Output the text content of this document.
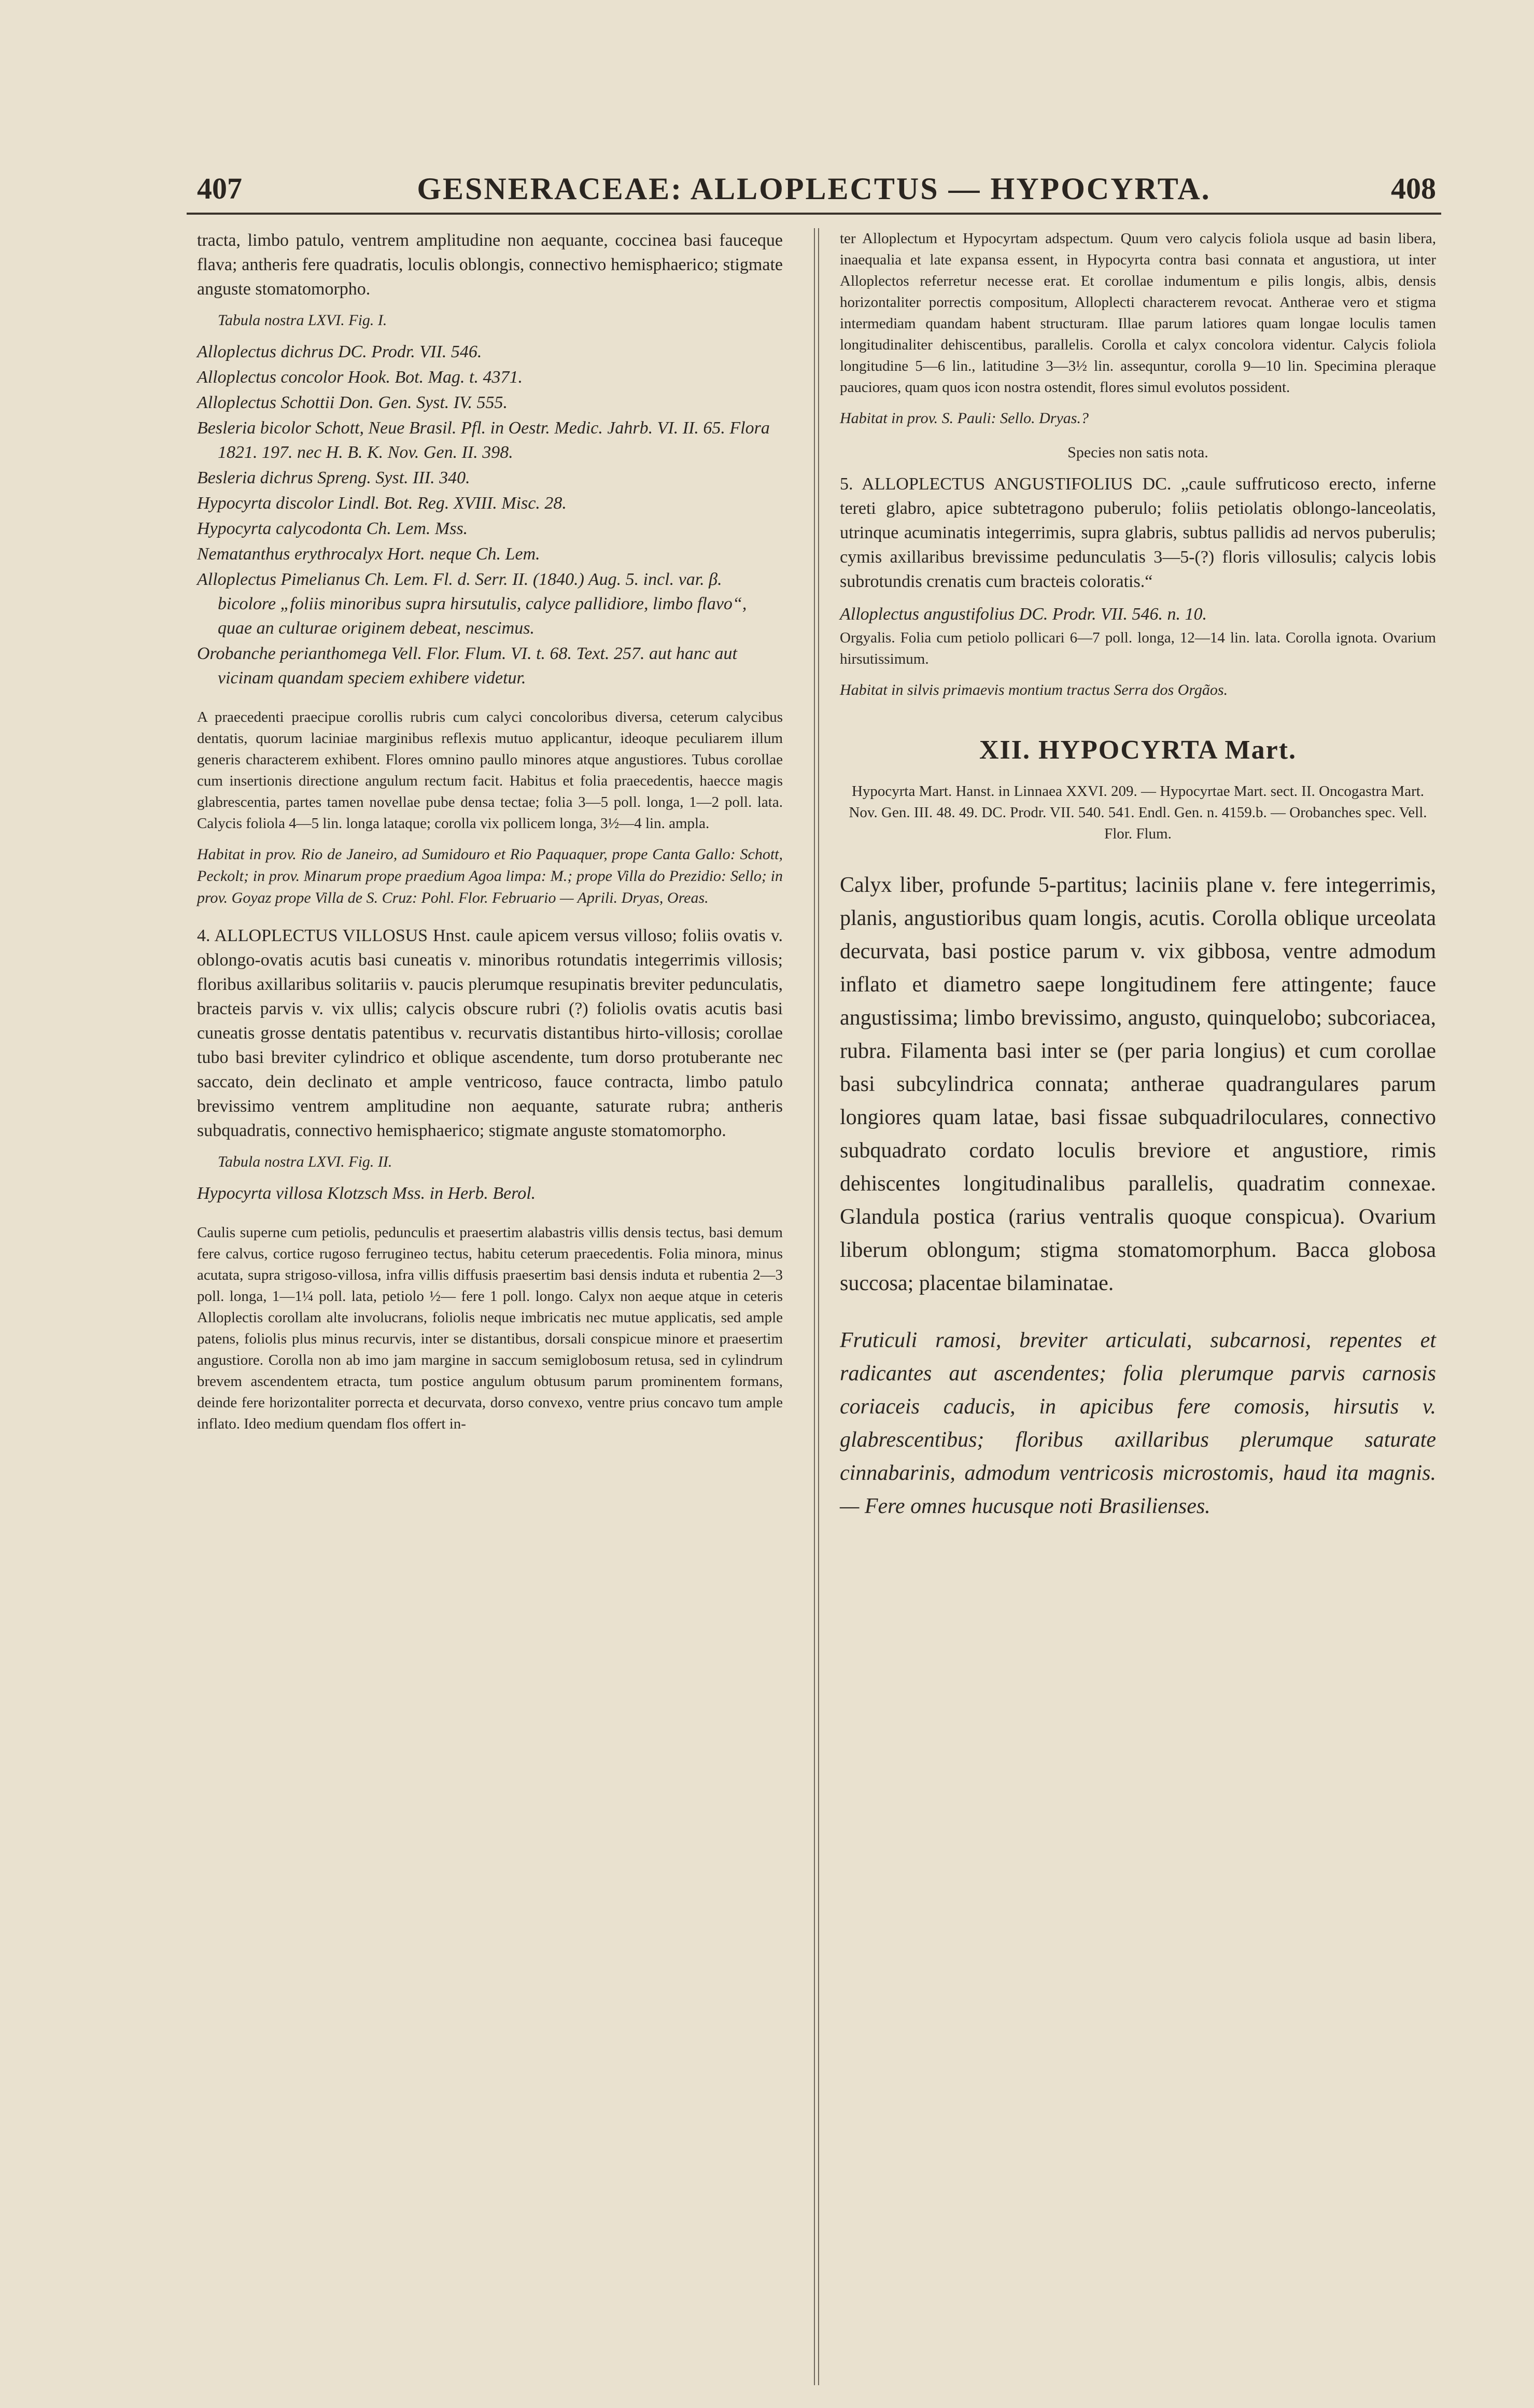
407	GESNERACEAE: ALLOPLECTUS — HYPOCYRTA.	408

tracta, limbo patulo, ventrem amplitudine non aequante, coccinea basi fauceque flava; antheris fere quadratis, loculis oblongis, connectivo hemisphaerico; stigmate anguste stomatomorpho.

Tabula nostra LXVI. Fig. I.

Alloplectus dichrus DC. Prodr. VII. 546.

Alloplectus concolor Hook. Bot. Mag. t. 4371.

Alloplectus Schottii Don. Gen. Syst. IV. 555.

Besleria bicolor Schott, Neue Brasil. Pfl. in Oestr. Medic. Jahrb. VI. II. 65. Flora 1821. 197. nec H. B. K. Nov. Gen. II. 398.

Besleria dichrus Spreng. Syst. III. 340.

Hypocyrta discolor Lindl. Bot. Reg. XVIII. Misc. 28.

Hypocyrta calycodonta Ch. Lem. Mss.

Nematanthus erythrocalyx Hort. neque Ch. Lem.

Alloplectus Pimelianus Ch. Lem. Fl. d. Serr. II. (1840.) Aug. 5. incl. var. β. bicolore „foliis minoribus supra hirsutulis, calyce pallidiore, limbo flavo“, quae an culturae originem debeat, nescimus.

Orobanche perianthomega Vell. Flor. Flum. VI. t. 68. Text. 257. aut hanc aut vicinam quandam speciem exhibere videtur.

A praecedenti praecipue corollis rubris cum calyci concoloribus diversa, ceterum calycibus dentatis, quorum laciniae marginibus reflexis mutuo applicantur, ideoque peculiarem illum generis characterem exhibent. Flores omnino paullo minores atque angustiores. Tubus corollae cum insertionis directione angulum rectum facit. Habitus et folia praecedentis, haecce magis glabrescentia, partes tamen novellae pube densa tectae; folia 3—5 poll. longa, 1—2 poll. lata. Calycis foliola 4—5 lin. longa lataque; corolla vix pollicem longa, 3½—4 lin. ampla.

Habitat in prov. Rio de Janeiro, ad Sumidouro et Rio Paquaquer, prope Canta Gallo: Schott, Peckolt; in prov. Minarum prope praedium Agoa limpa: M.; prope Villa do Prezidio: Sello; in prov. Goyaz prope Villa de S. Cruz: Pohl. Flor. Februario — Aprili. Dryas, Oreas.

4. ALLOPLECTUS VILLOSUS Hnst. caule apicem versus villoso; foliis ovatis v. oblongo-ovatis acutis basi cuneatis v. minoribus rotundatis integerrimis villosis; floribus axillaribus solitariis v. paucis plerumque resupinatis breviter pedunculatis, bracteis parvis v. vix ullis; calycis obscure rubri (?) foliolis ovatis acutis basi cuneatis grosse dentatis patentibus v. recurvatis distantibus hirto-villosis; corollae tubo basi breviter cylindrico et oblique ascendente, tum dorso protuberante nec saccato, dein declinato et ample ventricoso, fauce contracta, limbo patulo brevissimo ventrem amplitudine non aequante, saturate rubra; antheris subquadratis, connectivo hemisphaerico; stigmate anguste stomatomorpho.

Tabula nostra LXVI. Fig. II.

Hypocyrta villosa Klotzsch Mss. in Herb. Berol.

Caulis superne cum petiolis, pedunculis et praesertim alabastris villis densis tectus, basi demum fere calvus, cortice rugoso ferrugineo tectus, habitu ceterum praecedentis. Folia minora, minus acutata, supra strigoso-villosa, infra villis diffusis praesertim basi densis induta et rubentia 2—3 poll. longa, 1—1¼ poll. lata, petiolo ½— fere 1 poll. longo. Calyx non aeque atque in ceteris Alloplectis corollam alte involucrans, foliolis neque imbricatis nec mutue applicatis, sed ample patens, foliolis plus minus recurvis, inter se distantibus, dorsali conspicue minore et praesertim angustiore. Corolla non ab imo jam margine in saccum semiglobosum retusa, sed in cylindrum brevem ascendentem etracta, tum postice angulum obtusum parum prominentem formans, deinde fere horizontaliter porrecta et decurvata, dorso convexo, ventre prius concavo tum ample inflato. Ideo medium quendam flos offert in-

ter Alloplectum et Hypocyrtam adspectum. Quum vero calycis foliola usque ad basin libera, inaequalia et late expansa essent, in Hypocyrta contra basi connata et angustiora, ut inter Alloplectos referretur necesse erat. Et corollae indumentum e pilis longis, albis, densis horizontaliter porrectis compositum, Alloplecti characterem revocat. Antherae vero et stigma intermediam quandam habent structuram. Illae parum latiores quam longae loculis tamen longitudinaliter dehiscentibus, parallelis. Corolla et calyx concolora videntur. Calycis foliola longitudine 5—6 lin., latitudine 3—3½ lin. assequntur, corolla 9—10 lin. Specimina pleraque pauciores, quam quos icon nostra ostendit, flores simul evolutos possident.

Habitat in prov. S. Pauli: Sello. Dryas.?

Species non satis nota.

5. ALLOPLECTUS ANGUSTIFOLIUS DC. „caule suffruticoso erecto, inferne tereti glabro, apice subtetragono puberulo; foliis petiolatis oblongo-lanceolatis, utrinque acuminatis integerrimis, supra glabris, subtus pallidis ad nervos puberulis; cymis axillaribus brevissime pedunculatis 3—5-(?) floris villosulis; calycis lobis subrotundis crenatis cum bracteis coloratis.“

Alloplectus angustifolius DC. Prodr. VII. 546. n. 10.

Orgyalis. Folia cum petiolo pollicari 6—7 poll. longa, 12—14 lin. lata. Corolla ignota. Ovarium hirsutissimum.

Habitat in silvis primaevis montium tractus Serra dos Orgãos.

XII. HYPOCYRTA Mart.

Hypocyrta Mart. Hanst. in Linnaea XXVI. 209. — Hypocyrtae Mart. sect. II. Oncogastra Mart. Nov. Gen. III. 48. 49. DC. Prodr. VII. 540. 541. Endl. Gen. n. 4159.b. — Orobanches spec. Vell. Flor. Flum.

Calyx liber, profunde 5-partitus; laciniis plane v. fere integerrimis, planis, angustioribus quam longis, acutis. Corolla oblique urceolata decurvata, basi postice parum v. vix gibbosa, ventre admodum inflato et diametro saepe longitudinem fere attingente; fauce angustissima; limbo brevissimo, angusto, quinquelobo; subcoriacea, rubra. Filamenta basi inter se (per paria longius) et cum corollae basi subcylindrica connata; antherae quadrangulares parum longiores quam latae, basi fissae subquadriloculares, connectivo subquadrato cordato loculis breviore et angustiore, rimis dehiscentes longitudinalibus parallelis, quadratim connexae. Glandula postica (rarius ventralis quoque conspicua). Ovarium liberum oblongum; stigma stomatomorphum. Bacca globosa succosa; placentae bilaminatae.

Fruticuli ramosi, breviter articulati, subcarnosi, repentes et radicantes aut ascendentes; folia plerumque parvis carnosis coriaceis caducis, in apicibus fere comosis, hirsutis v. glabrescentibus; floribus axillaribus plerumque saturate cinnabarinis, admodum ventricosis microstomis, haud ita magnis. — Fere omnes hucusque noti Brasilienses.
